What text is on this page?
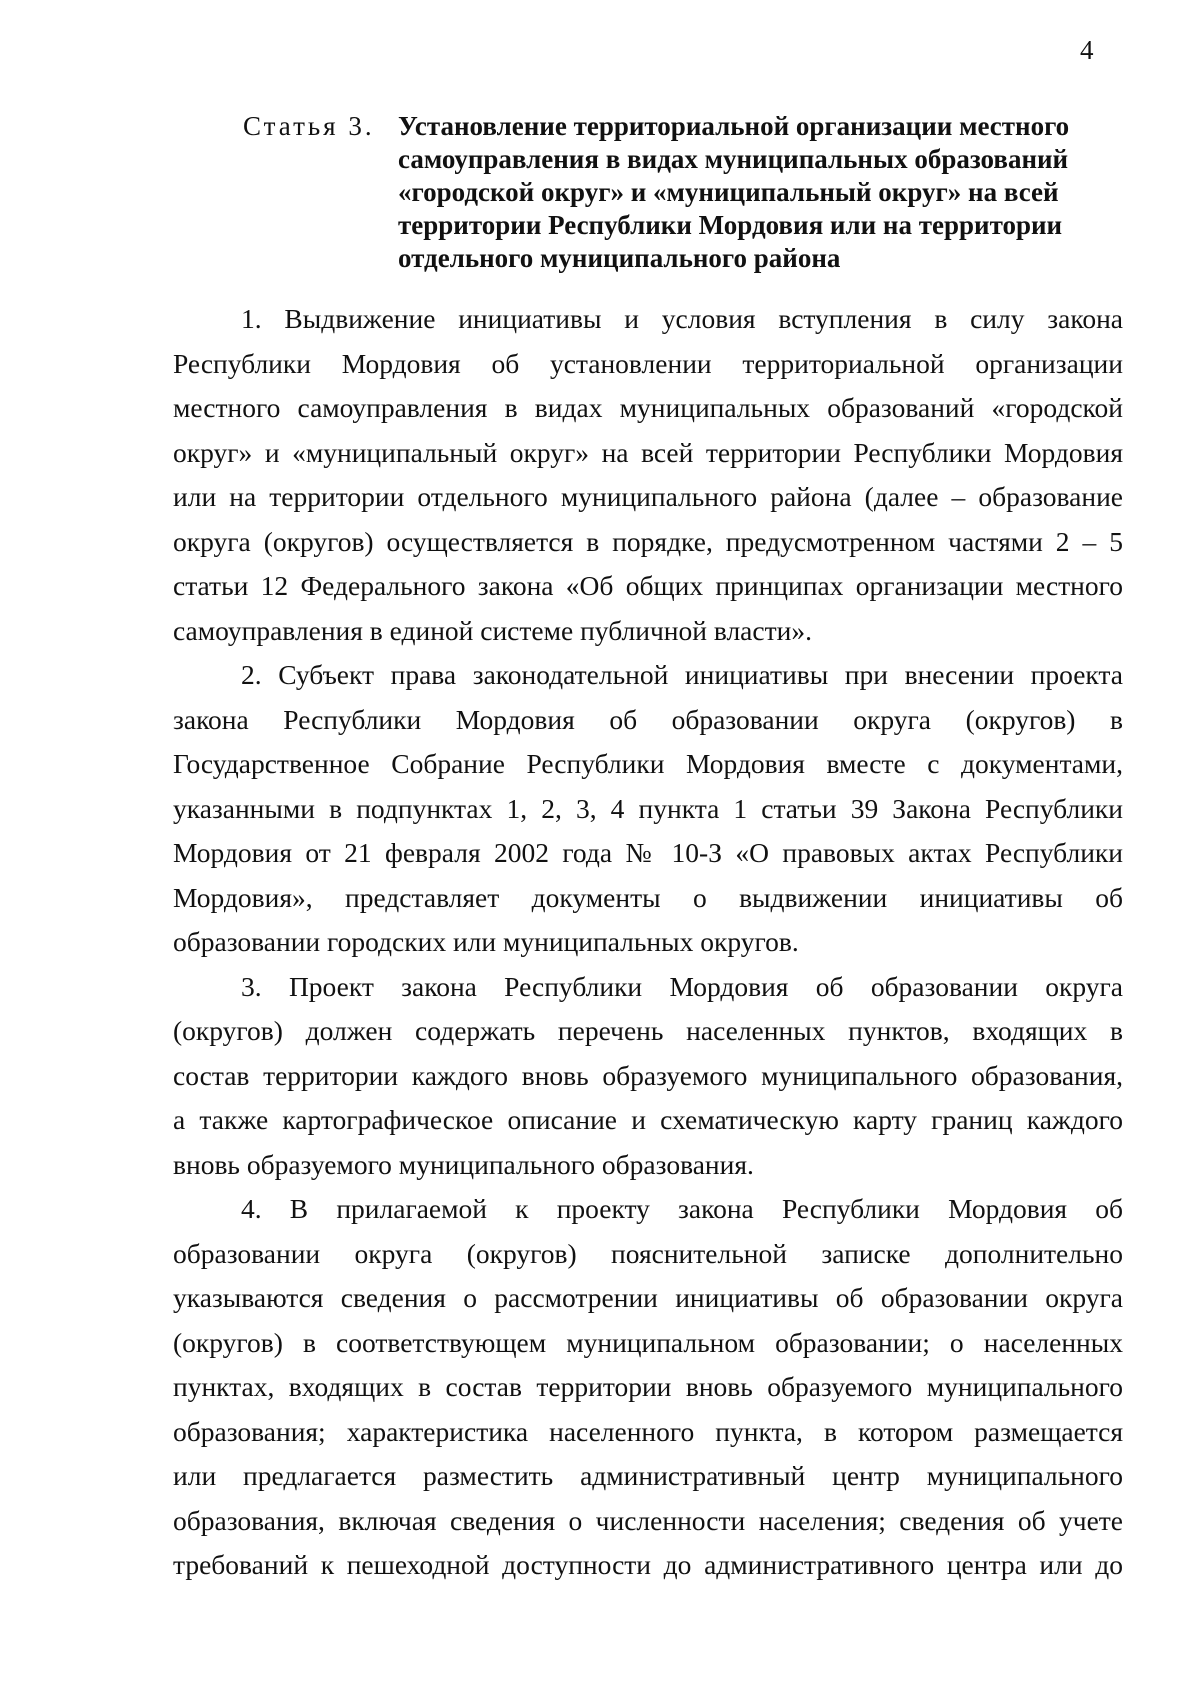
4
Статья 3. Установление территориальной организации местного
самоуправления в видах муниципальных образований
«городской округ» и «муниципальный округ» на всей
территории Республики Мордовия или на территории
отдельного муниципального района
1. Выдвижение инициативы и условия вступления в силу закона
Республики Мордовия об установлении территориальной организации
местного самоуправления в видах муниципальных образований «городской
округ» и «муниципальный округ» на всей территории Республики Мордовия
или на территории отдельного муниципального района (далее – образование
округа (округов) осуществляется в порядке, предусмотренном частями 2 – 5
статьи 12 Федерального закона «Об общих принципах организации местного
самоуправления в единой системе публичной власти».
2. Субъект права законодательной инициативы при внесении проекта
закона Республики Мордовия об образовании округа (округов) в
Государственное Собрание Республики Мордовия вместе с документами,
указанными в подпунктах 1, 2, 3, 4 пункта 1 статьи 39 Закона Республики
Мордовия от 21 февраля 2002 года № 10-З «О правовых актах Республики
Мордовия», представляет документы о выдвижении инициативы об
образовании городских или муниципальных округов.
3. Проект закона Республики Мордовия об образовании округа
(округов) должен содержать перечень населенных пунктов, входящих в
состав территории каждого вновь образуемого муниципального образования,
а также картографическое описание и схематическую карту границ каждого
вновь образуемого муниципального образования.
4. В прилагаемой к проекту закона Республики Мордовия об
образовании округа (округов) пояснительной записке дополнительно
указываются сведения о рассмотрении инициативы об образовании округа
(округов) в соответствующем муниципальном образовании; о населенных
пунктах, входящих в состав территории вновь образуемого муниципального
образования; характеристика населенного пункта, в котором размещается
или предлагается разместить административный центр муниципального
образования, включая сведения о численности населения; сведения об учете
требований к пешеходной доступности до административного центра или до
